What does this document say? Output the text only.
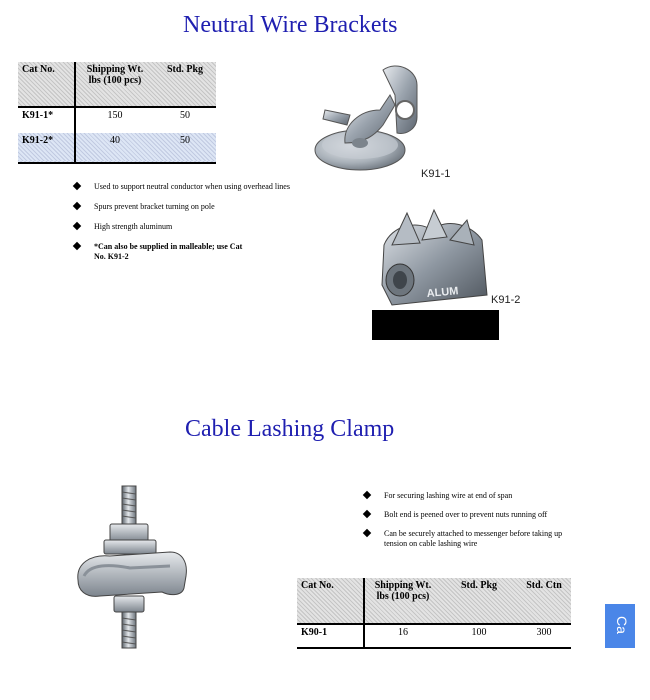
Neutral Wire Brackets
Cat No.	Shipping Wt. lbs (100 pcs)	Std. Pkg
K91-1*	150	50
K91-2*	40	50
Used to support neutral conductor when using overhead lines
Spurs prevent bracket turning on pole
High strength aluminum
*Can also be supplied in malleable; use Cat No. K91-2
K91-1
ALUM
K91-2
Cable Lashing Clamp
For securing lashing wire at end of span
Bolt end is peened over to prevent nuts running off
Can be securely attached to messenger before taking up tension on cable lashing wire
Cat No.	Shipping Wt. lbs (100 pcs)	Std. Pkg	Std. Ctn
K90-1	16	100	300	Ca
